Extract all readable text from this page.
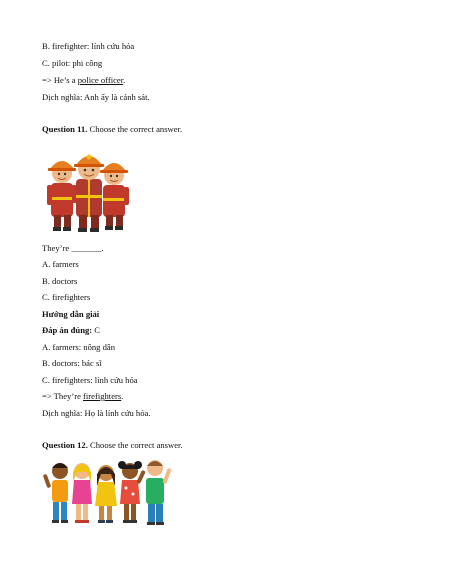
B. firefighter: lính cứu hỏa
C. pilot: phi công
=> He’s a police officer.
Dịch nghĩa: Anh ấy là cảnh sát.
Question 11. Choose the correct answer.
They’re _______.
A. farmers
B. doctors
C. firefighters
Hướng dẫn giải
Đáp án đúng: C
A. farmers: nông dân
B. doctors: bác sĩ
C. firefighters: lính cứu hỏa
=> They’re firefighters.
Dịch nghĩa: Họ là lính cứu hỏa.
Question 12. Choose the correct answer.
